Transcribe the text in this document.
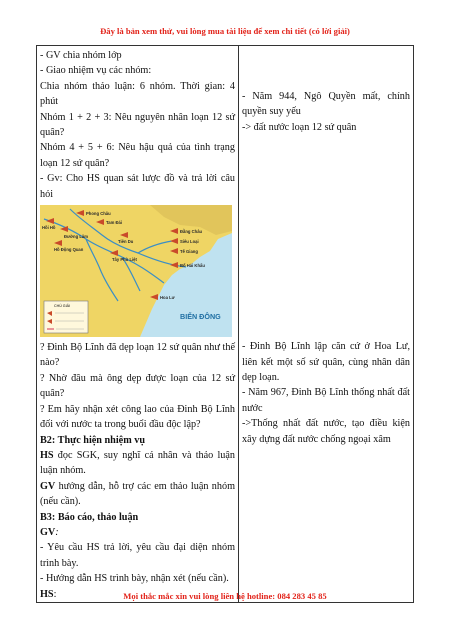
Đây là bản xem thử, vui lòng mua tài liệu để xem chi tiết (có lời giải)
- GV chia nhóm lớp
- Giao nhiệm vụ các nhóm:
Chia nhóm thảo luận: 6 nhóm. Thời gian: 4 phút
Nhóm 1 + 2 + 3: Nêu nguyên nhân loạn 12 sứ quân?
Nhóm 4 + 5 + 6: Nêu hậu quả của tình trạng loạn 12 sứ quân?
- Gv: Cho HS quan sát lược đồ và trả lời câu hỏi
CHÚ GIẢI
Phong Châu
Tam Đái
Hồi Hồ
Đường Lâm
Hồ Động Quan
Tiên Du
Đằng Châu
Siêu Loại
Tế Giang
Tây Phù Liệt
Bố Hải Khẩu
Hoa Lư
BIỂN ĐÔNG
? Đinh Bộ Lĩnh đã dẹp loạn 12 sứ quân như thế nào?
? Nhờ đâu mà ông dẹp được loạn của 12 sứ quân?
? Em hãy nhận xét công lao của Đinh Bộ Lĩnh đối với nước ta trong buổi đầu độc lập?
B2: Thực hiện nhiệm vụ
HS đọc SGK, suy nghĩ cá nhân và thảo luận luận nhóm.
GV hướng dẫn, hỗ trợ các em thảo luận nhóm (nếu cần).
B3: Báo cáo, thảo luận
GV:
- Yêu cầu HS trả lời, yêu cầu đại diện nhóm trình bày.
- Hướng dẫn HS trình bày, nhận xét (nếu cần).
HS:

- Năm 944, Ngô Quyền mất, chính quyền suy yếu
-> đất nước loạn 12 sứ quân
- Đinh Bộ Lĩnh lập căn cứ ở Hoa Lư, liên kết một số sứ quân, cùng nhân dân dẹp loạn.
- Năm 967, Đinh Bộ Lĩnh thống nhất đất nước
->Thống nhất đất nước, tạo điều kiện xây dựng đất nước chống ngoại xâm
Mọi thắc mắc xin vui lòng liên hệ hotline: 084 283 45 85
